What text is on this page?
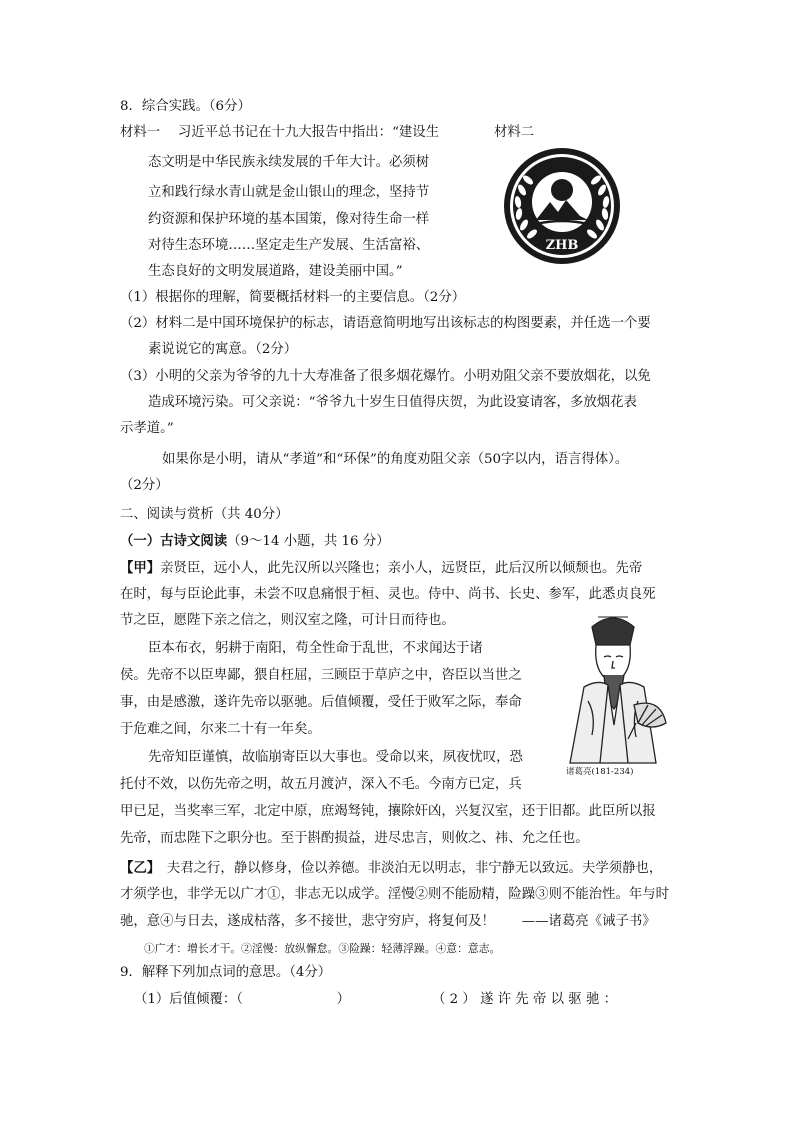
8．综合实践。（6分）
材料一　 习近平总书记在十九大报告中指出：“建设生	材料二
态文明是中华民族永续发展的千年大计。必须树
立和践行绿水青山就是金山银山的理念，坚持节
约资源和保护环境的基本国策，像对待生命一样
对待生态环境……坚定走生产发展、生活富裕、
生态良好的文明发展道路，建设美丽中国。”
ZHB
（1）根据你的理解，简要概括材料一的主要信息。（2分）
（2）材料二是中国环境保护的标志，请语意简明地写出该标志的构图要素，并任选一个要
素说说它的寓意。（2分）
（3）小明的父亲为爷爷的九十大寿准备了很多烟花爆竹。小明劝阻父亲不要放烟花，以免
造成环境污染。可父亲说：“爷爷九十岁生日值得庆贺，为此设宴请客，多放烟花表
示孝道。”
如果你是小明，请从“孝道”和“环保”的角度劝阻父亲（50字以内，语言得体）。
（2分）
二、阅读与赏析（共 40分）
（一）古诗文阅读（9～14 小题，共 16 分）
【甲】亲贤臣，远小人，此先汉所以兴隆也；亲小人，远贤臣，此后汉所以倾颓也。先帝
在时，每与臣论此事，未尝不叹息痛恨于桓、灵也。侍中、尚书、长史、参军，此悉贞良死
节之臣，愿陛下亲之信之，则汉室之隆，可计日而待也。
臣本布衣，躬耕于南阳，苟全性命于乱世，不求闻达于诸
侯。先帝不以臣卑鄙，猥自枉屈，三顾臣于草庐之中，咨臣以当世之
事，由是感激，遂许先帝以驱驰。后值倾覆，受任于败军之际，奉命
于危难之间，尔来二十有一年矣。
先帝知臣谨慎，故临崩寄臣以大事也。受命以来，夙夜忧叹，恐
托付不效，以伤先帝之明，故五月渡泸，深入不毛。今南方已定，兵
甲已足，当奖率三军，北定中原，庶竭驽钝，攘除奸凶，兴复汉室，还于旧都。此臣所以报
先帝，而忠陛下之职分也。至于斟酌损益，进尽忠言，则攸之、祎、允之任也。
诸葛亮(181-234)
【乙】  夫君之行，静以修身，俭以养德。非淡泊无以明志，非宁静无以致远。夫学须静也，
才须学也，非学无以广才①，非志无以成学。淫慢②则不能励精，险躁③则不能治性。年与时
驰，意④与日去，遂成枯落，多不接世，悲守穷庐，将复何及！　　——诸葛亮《诫子书》
①广才：增长才干。②淫慢：放纵懈怠。③险躁：轻薄浮躁。④意：意志。
9．解释下列加点词的意思。（4分）
（1）后值倾覆：（　　　　　　　）	（ 2 ） 遂 许 先 帝 以 驱 驰 ：
